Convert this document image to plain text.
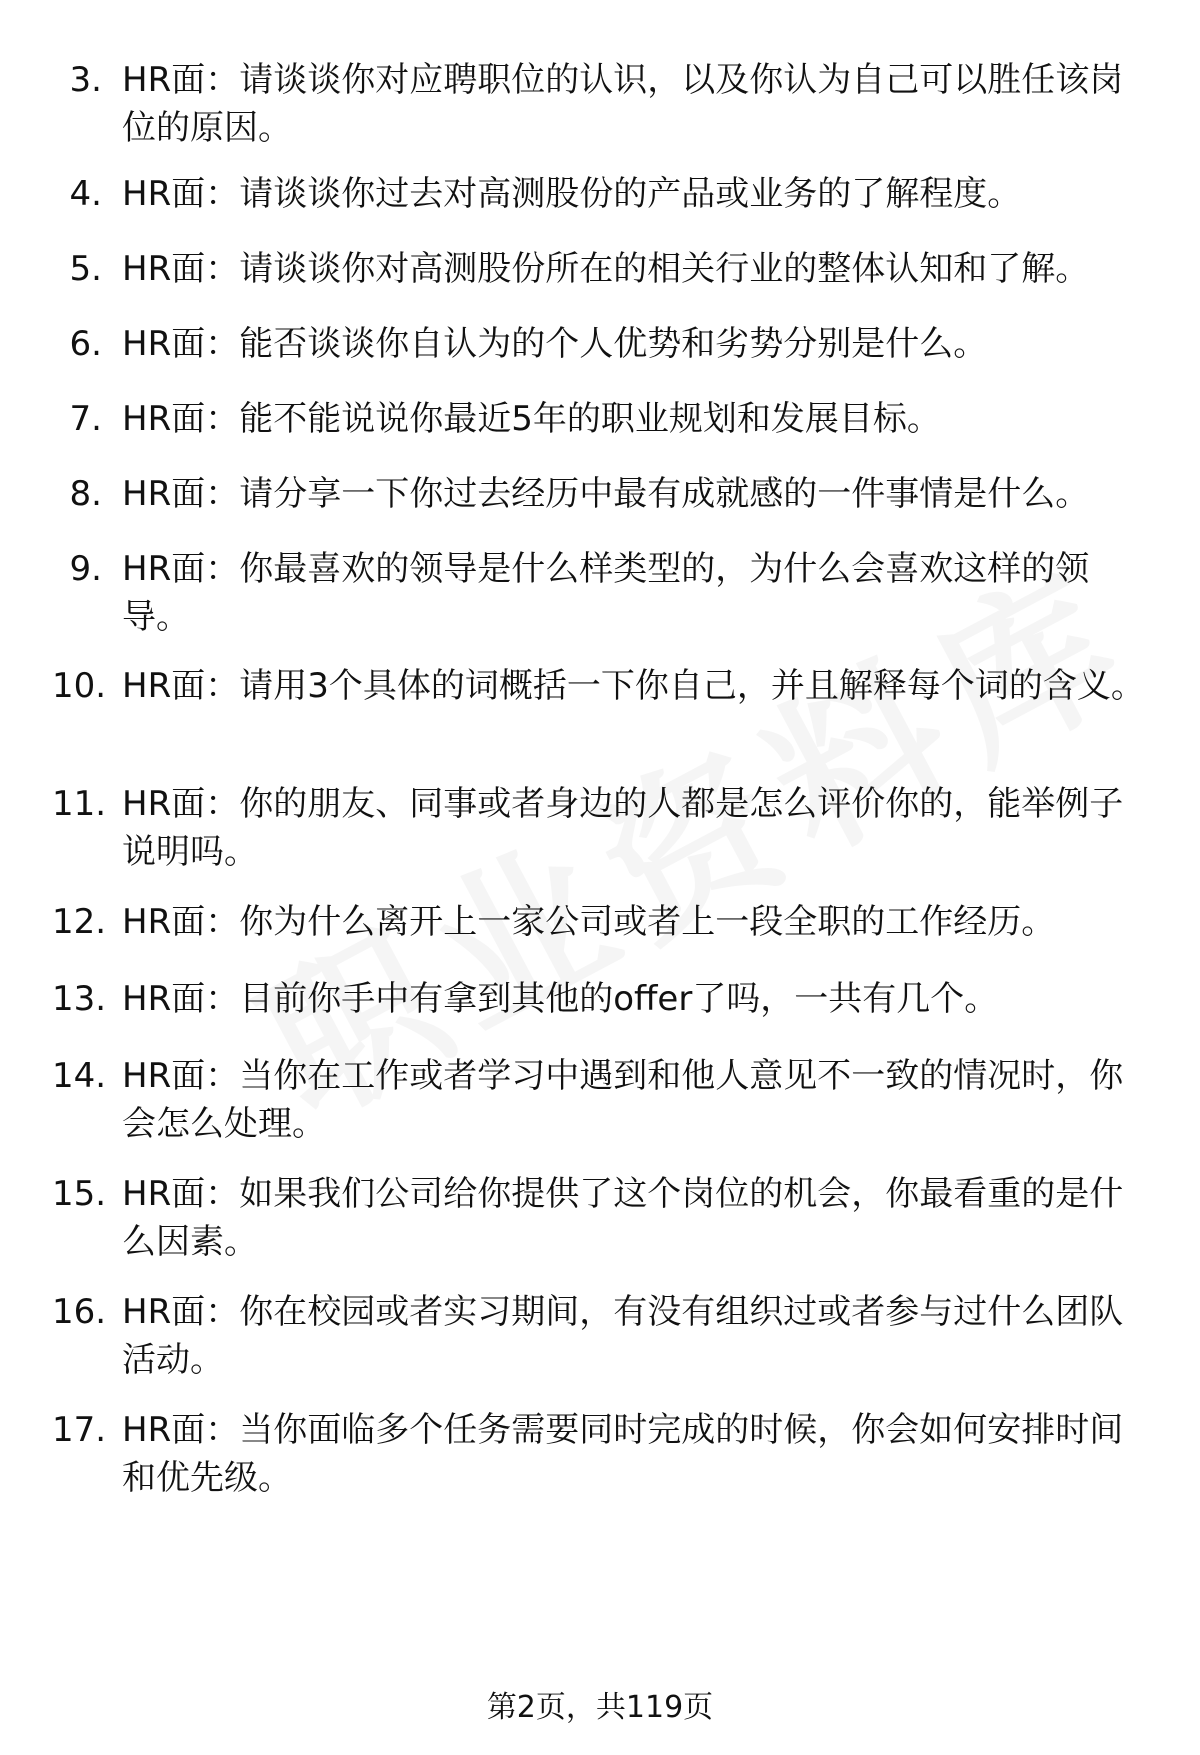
3. HR面：请谈谈你对应聘职位的认识，以及你认为自己可以胜任该岗位的原因。
4. HR面：请谈谈你过去对高测股份的产品或业务的了解程度。
5. HR面：请谈谈你对高测股份所在的相关行业的整体认知和了解。
6. HR面：能否谈谈你自认为的个人优势和劣势分别是什么。
7. HR面：能不能说说你最近5年的职业规划和发展目标。
8. HR面：请分享一下你过去经历中最有成就感的一件事情是什么。
9. HR面：你最喜欢的领导是什么样类型的，为什么会喜欢这样的领导。
10. HR面：请用3个具体的词概括一下你自己，并且解释每个词的含义。
11. HR面：你的朋友、同事或者身边的人都是怎么评价你的，能举例子说明吗。
12. HR面：你为什么离开上一家公司或者上一段全职的工作经历。
13. HR面：目前你手中有拿到其他的offer了吗，一共有几个。
14. HR面：当你在工作或者学习中遇到和他人意见不一致的情况时，你会怎么处理。
15. HR面：如果我们公司给你提供了这个岗位的机会，你最看重的是什么因素。
16. HR面：你在校园或者实习期间，有没有组织过或者参与过什么团队活动。
17. HR面：当你面临多个任务需要同时完成的时候，你会如何安排时间和优先级。
第2页，共119页
